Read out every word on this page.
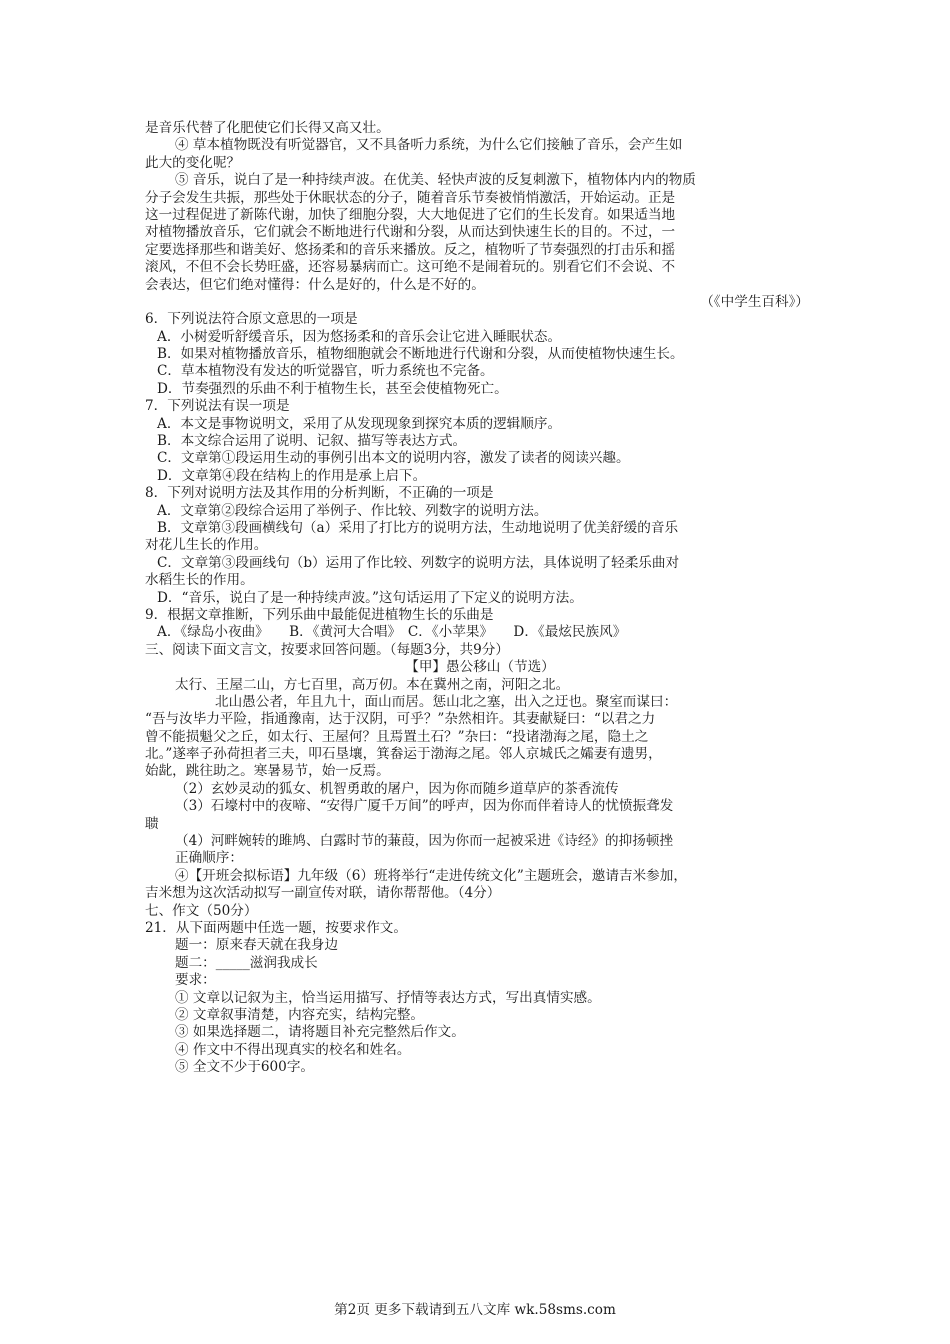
是音乐代替了化肥使它们长得又高又壮。
④ 草本植物既没有听觉器官，又不具备听力系统，为什么它们接触了音乐，会产生如
此大的变化呢？
⑤ 音乐，说白了是一种持续声波。在优美、轻快声波的反复刺激下，植物体内内的物质
分子会发生共振，那些处于休眠状态的分子，随着音乐节奏被悄悄激活，开始运动。正是
这一过程促进了新陈代谢，加快了细胞分裂，大大地促进了它们的生长发育。如果适当地
对植物播放音乐，它们就会不断地进行代谢和分裂，从而达到快速生长的目的。不过，一
定要选择那些和谐美好、悠扬柔和的音乐来播放。反之，植物听了节奏强烈的打击乐和摇
滚风，不但不会长势旺盛，还容易暴病而亡。这可绝不是闹着玩的。别看它们不会说、不
会表达，但它们绝对懂得：什么是好的，什么是不好的。
（《中学生百科》）
6．下列说法符合原文意思的一项是
A．小树爱听舒缓音乐，因为悠扬柔和的音乐会让它进入睡眠状态。
B．如果对植物播放音乐，植物细胞就会不断地进行代谢和分裂，从而使植物快速生长。
C．草本植物没有发达的听觉器官，听力系统也不完备。
D．节奏强烈的乐曲不利于植物生长，甚至会使植物死亡。
7．下列说法有误一项是
A．本文是事物说明文，采用了从发现现象到探究本质的逻辑顺序。
B．本文综合运用了说明、记叙、描写等表达方式。
C．文章第①段运用生动的事例引出本文的说明内容，激发了读者的阅读兴趣。
D．文章第④段在结构上的作用是承上启下。
8．下列对说明方法及其作用的分析判断，不正确的一项是
A．文章第②段综合运用了举例子、作比较、列数字的说明方法。
B．文章第③段画横线句（a）采用了打比方的说明方法，生动地说明了优美舒缓的音乐
对花儿生长的作用。
C．文章第③段画线句（b）运用了作比较、列数字的说明方法，具体说明了轻柔乐曲对
水稻生长的作用。
D．“音乐，说白了是一种持续声波。”这句话运用了下定义的说明方法。
9．根据文章推断，下列乐曲中最能促进植物生长的乐曲是
A．《绿岛小夜曲》　　B．《黄河大合唱》　C．《小苹果》　　D．《最炫民族风》
三、阅读下面文言文，按要求回答问题。（每题3分，共9分）
【甲】愚公移山（节选）
太行、王屋二山，方七百里，高万仞。本在冀州之南，河阳之北。
北山愚公者，年且九十，面山而居。惩山北之塞，出入之迂也。聚室而谋曰：
“吾与汝毕力平险，指通豫南，达于汉阴，可乎？”杂然相许。其妻献疑曰：“以君之力
曾不能损魁父之丘，如太行、王屋何？且焉置土石？”杂曰：“投诸渤海之尾，隐土之
北。”遂率子孙荷担者三夫，叩石垦壤，箕畚运于渤海之尾。邻人京城氏之孀妻有遗男，
始龀，跳往助之。寒暑易节，始一反焉。
（2）玄妙灵动的狐女、机智勇敢的屠户，因为你而随乡道草庐的茶香流传
（3）石壕村中的夜啼、“安得广厦千万间”的呼声，因为你而伴着诗人的忧愤振聋发
聩
（4）河畔婉转的雎鸠、白露时节的蒹葭，因为你而一起被采进《诗经》的抑扬顿挫
正确顺序：
④【开班会拟标语】九年级（6）班将举行“走进传统文化”主题班会，邀请吉米参加，
吉米想为这次活动拟写一副宣传对联，请你帮帮他。（4分）
七、作文（50分）
21．从下面两题中任选一题，按要求作文。
题一：原来春天就在我身边
题二：_____滋润我成长
要求：
① 文章以记叙为主，恰当运用描写、抒情等表达方式，写出真情实感。
② 文章叙事清楚，内容充实，结构完整。
③ 如果选择题二，请将题目补充完整然后作文。
④ 作文中不得出现真实的校名和姓名。
⑤ 全文不少于600字。
第2页 更多下载请到五八文库 wk.58sms.com
